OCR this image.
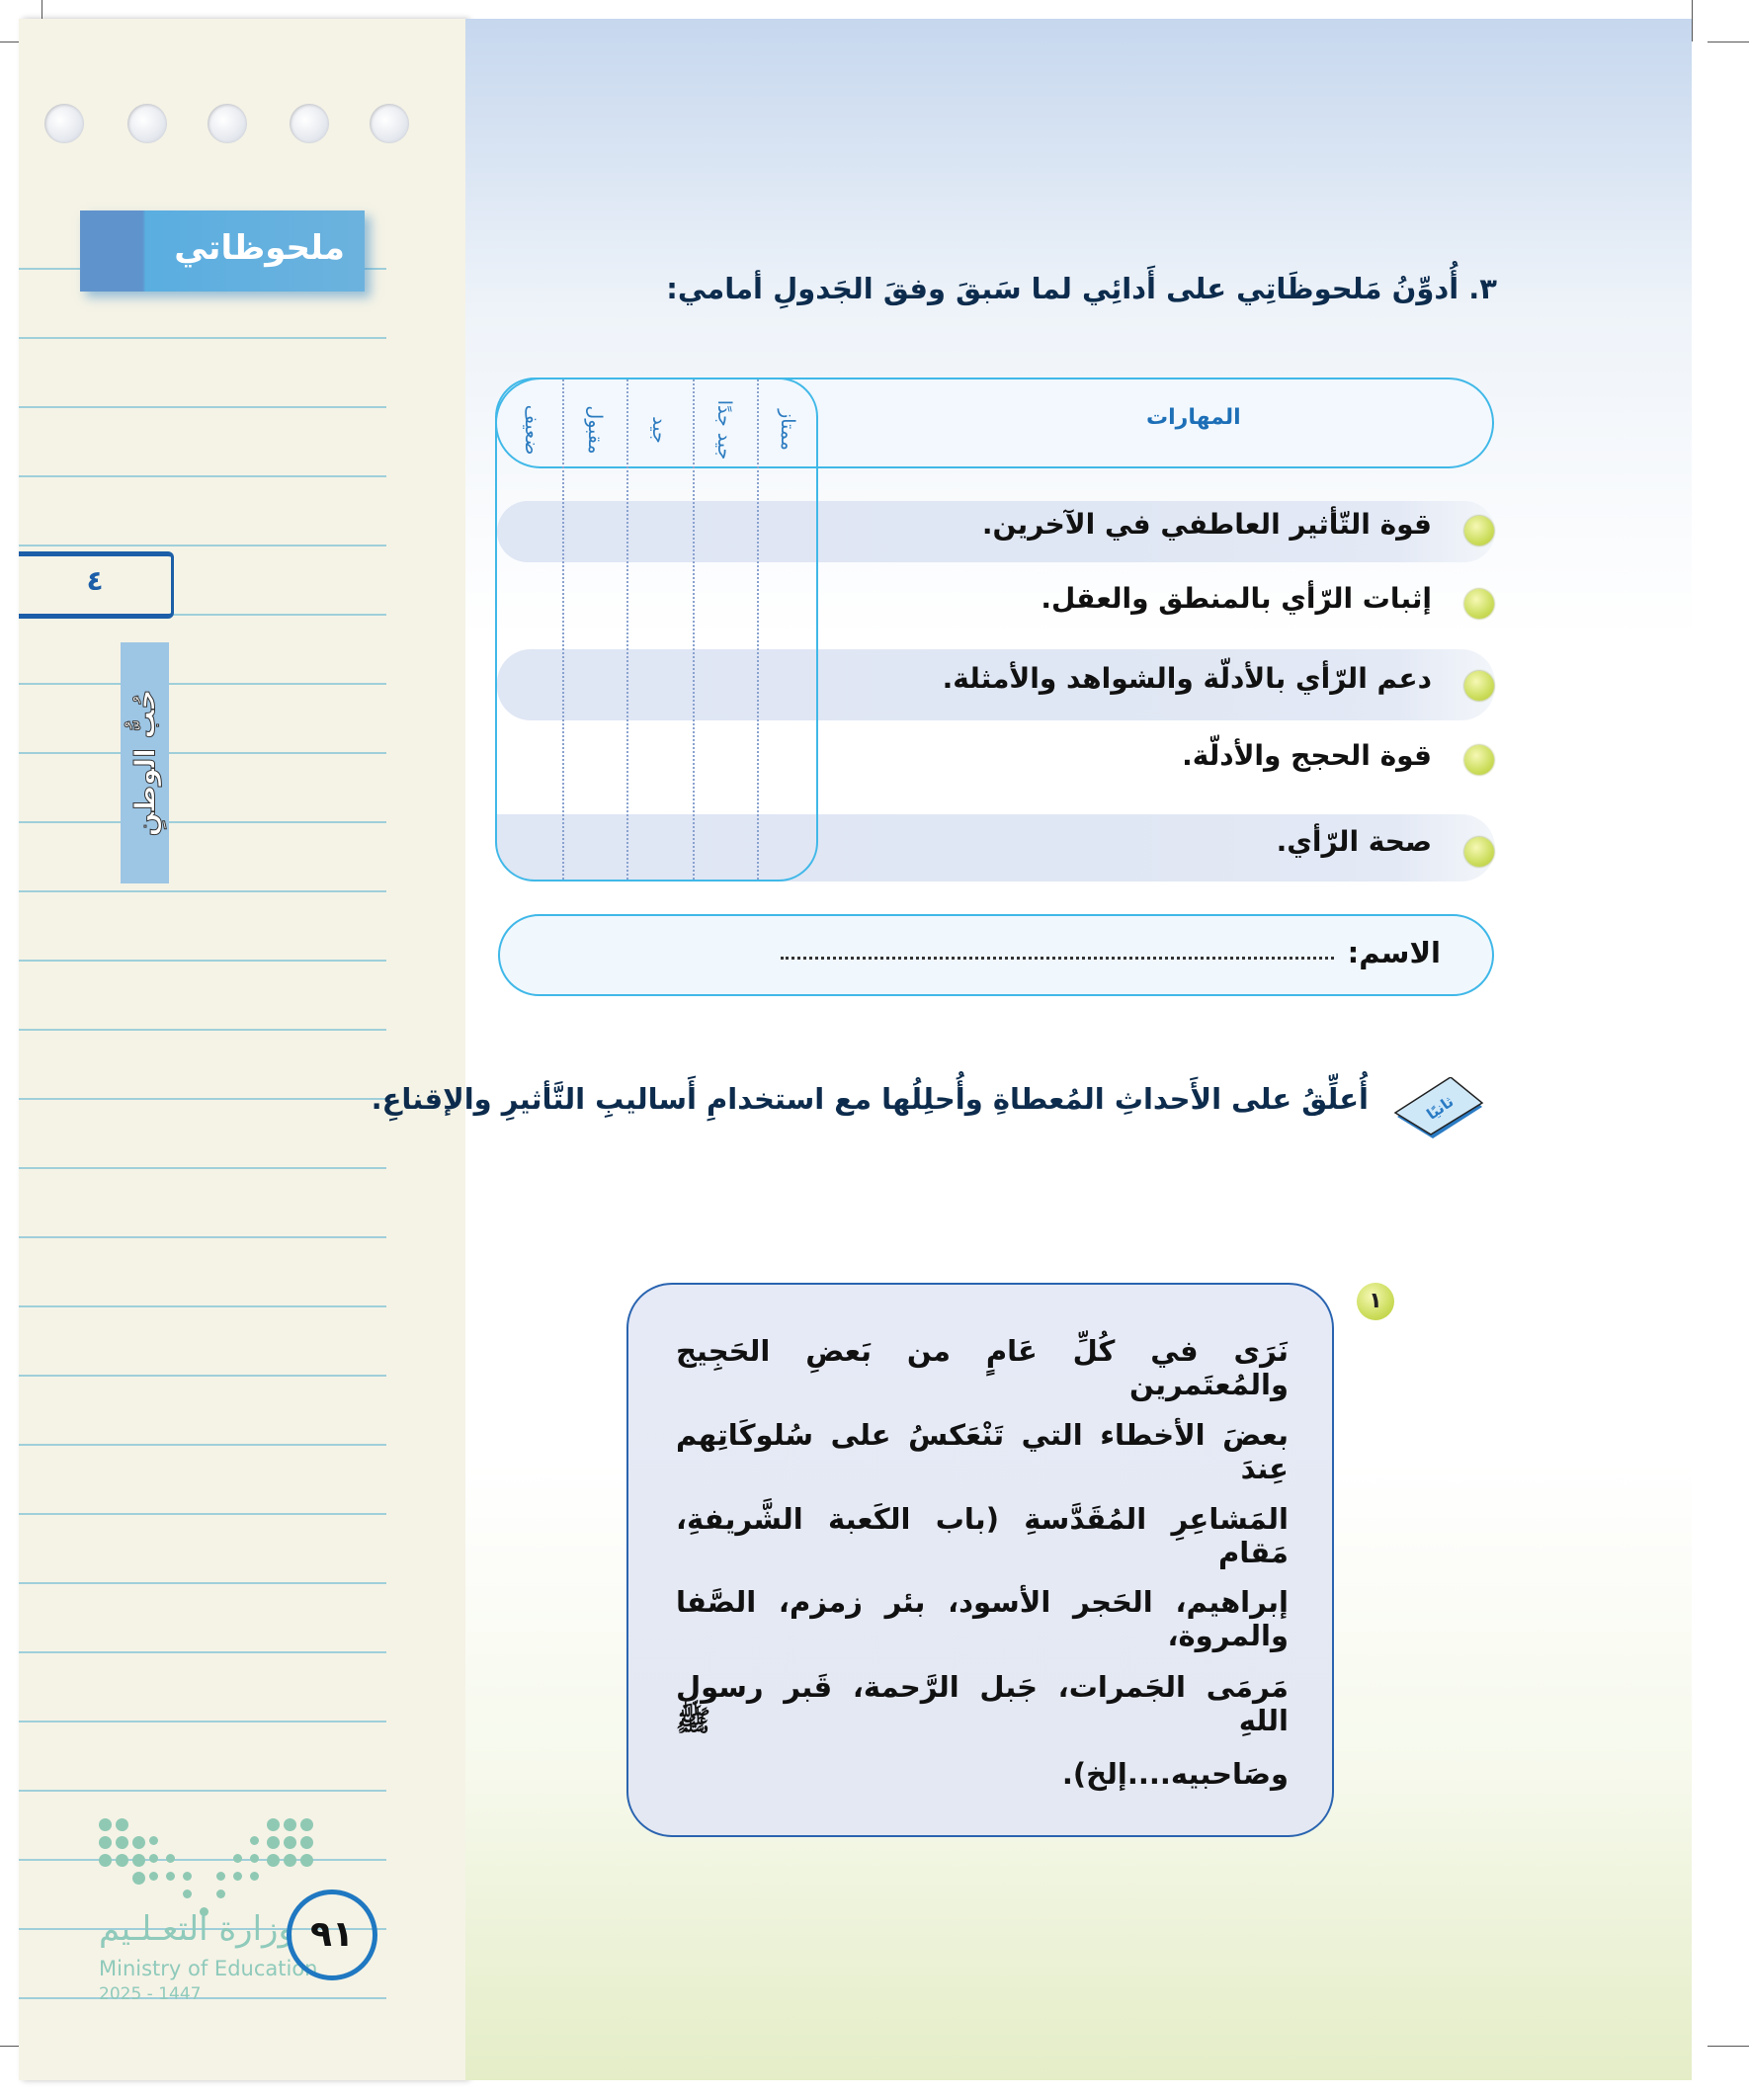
ملحوظاتي
٤
حُبُّ الوطنِ
وزارة التعـلـيم
Ministry of Education
2025 - 1447
٩١
٣. أُدوِّنُ مَلحوظَاتِي على أَدائِي لما سَبقَ وفقَ الجَدولِ أمامي:
المهارات
ممتاز
جيد جدًا
جيد
مقبول
ضعيف
قوة التّأثير العاطفي في الآخرين.
إثبات الرّأي بالمنطق والعقل.
دعم الرّأي بالأدلّة والشواهد والأمثلة.
قوة الحجج والأدلّة.
صحة الرّأي.
الاسم:
ثانيًا
أُعلِّقُ على الأَحداثِ المُعطاةِ وأُحلِلُها مع استخدامِ أَساليبِ التَّأثيرِ والإقناعِ.
١
نَرَى في كُلِّ عَامٍ من بَعضِ الحَجِيج والمُعتَمرين
بعضَ الأخطاء التي تَنْعَكسُ على سُلوكَاتِهم عِندَ
المَشاعِرِ المُقَدَّسةِ (باب الكَعبة الشَّريفةِ، مَقام
إبراهيم، الحَجر الأسود، بئر زمزم، الصَّفا والمروة،
مَرمَى الجَمرات، جَبل الرَّحمة، قَبر رسولِ اللهِ ﷺ
وصَاحبيه....إلخ).
